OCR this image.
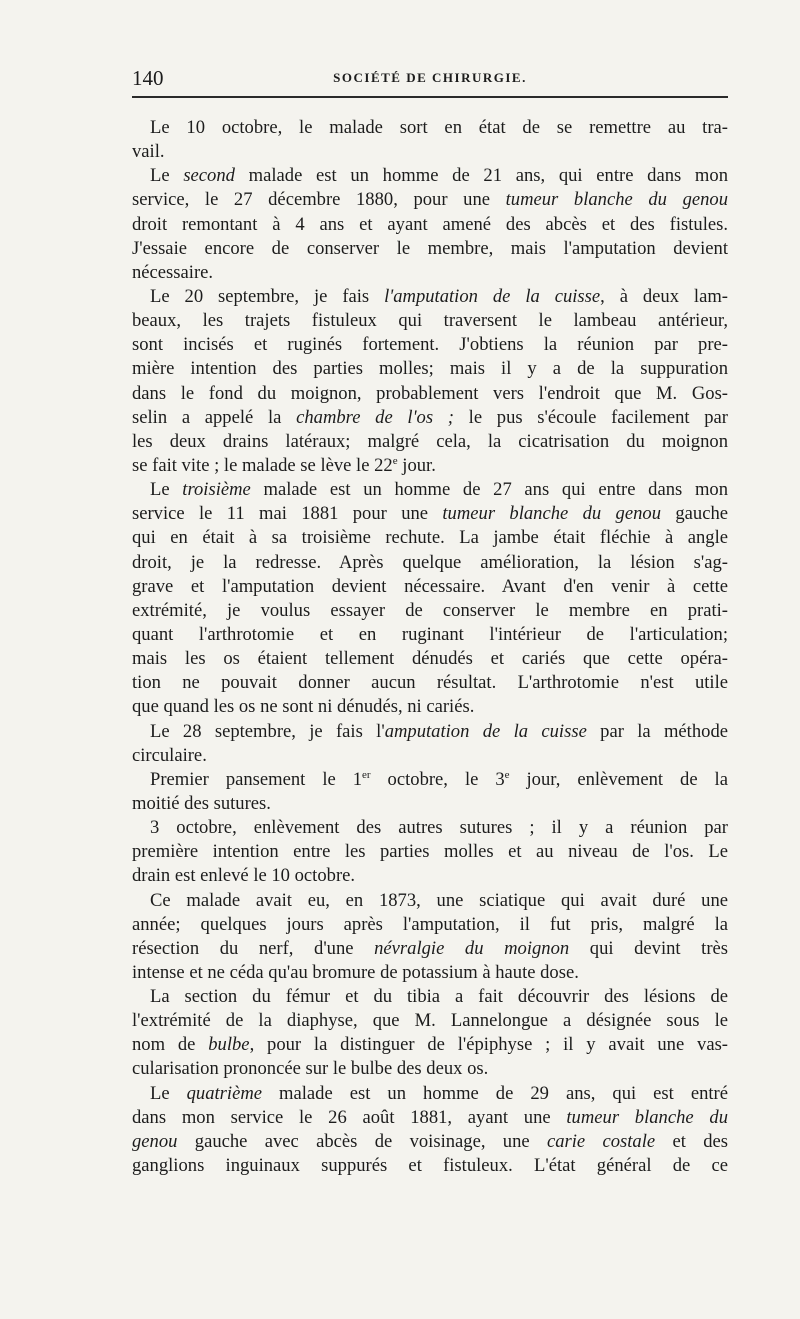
140	SOCIÉTÉ DE CHIRURGIE.
Le 10 octobre, le malade sort en état de se remettre au tra-
vail.
Le second malade est un homme de 21 ans, qui entre dans mon
service, le 27 décembre 1880, pour une tumeur blanche du genou
droit remontant à 4 ans et ayant amené des abcès et des fistules.
J'essaie encore de conserver le membre, mais l'amputation devient
nécessaire.
Le 20 septembre, je fais l'amputation de la cuisse, à deux lam-
beaux, les trajets fistuleux qui traversent le lambeau antérieur,
sont incisés et ruginés fortement. J'obtiens la réunion par pre-
mière intention des parties molles; mais il y a de la suppuration
dans le fond du moignon, probablement vers l'endroit que M. Gos-
selin a appelé la chambre de l'os ; le pus s'écoule facilement par
les deux drains latéraux; malgré cela, la cicatrisation du moignon
se fait vite ; le malade se lève le 22e jour.
Le troisième malade est un homme de 27 ans qui entre dans mon
service le 11 mai 1881 pour une tumeur blanche du genou gauche
qui en était à sa troisième rechute. La jambe était fléchie à angle
droit, je la redresse. Après quelque amélioration, la lésion s'ag-
grave et l'amputation devient nécessaire. Avant d'en venir à cette
extrémité, je voulus essayer de conserver le membre en prati-
quant l'arthrotomie et en ruginant l'intérieur de l'articulation;
mais les os étaient tellement dénudés et cariés que cette opéra-
tion ne pouvait donner aucun résultat. L'arthrotomie n'est utile
que quand les os ne sont ni dénudés, ni cariés.
Le 28 septembre, je fais l'amputation de la cuisse par la méthode
circulaire.
Premier pansement le 1er octobre, le 3e jour, enlèvement de la
moitié des sutures.
3 octobre, enlèvement des autres sutures ; il y a réunion par
première intention entre les parties molles et au niveau de l'os. Le
drain est enlevé le 10 octobre.
Ce malade avait eu, en 1873, une sciatique qui avait duré une
année; quelques jours après l'amputation, il fut pris, malgré la
résection du nerf, d'une névralgie du moignon qui devint très
intense et ne céda qu'au bromure de potassium à haute dose.
La section du fémur et du tibia a fait découvrir des lésions de
l'extrémité de la diaphyse, que M. Lannelongue a désignée sous le
nom de bulbe, pour la distinguer de l'épiphyse ; il y avait une vas-
cularisation prononcée sur le bulbe des deux os.
Le quatrième malade est un homme de 29 ans, qui est entré
dans mon service le 26 août 1881, ayant une tumeur blanche du
genou gauche avec abcès de voisinage, une carie costale et des
ganglions inguinaux suppurés et fistuleux. L'état général de ce
